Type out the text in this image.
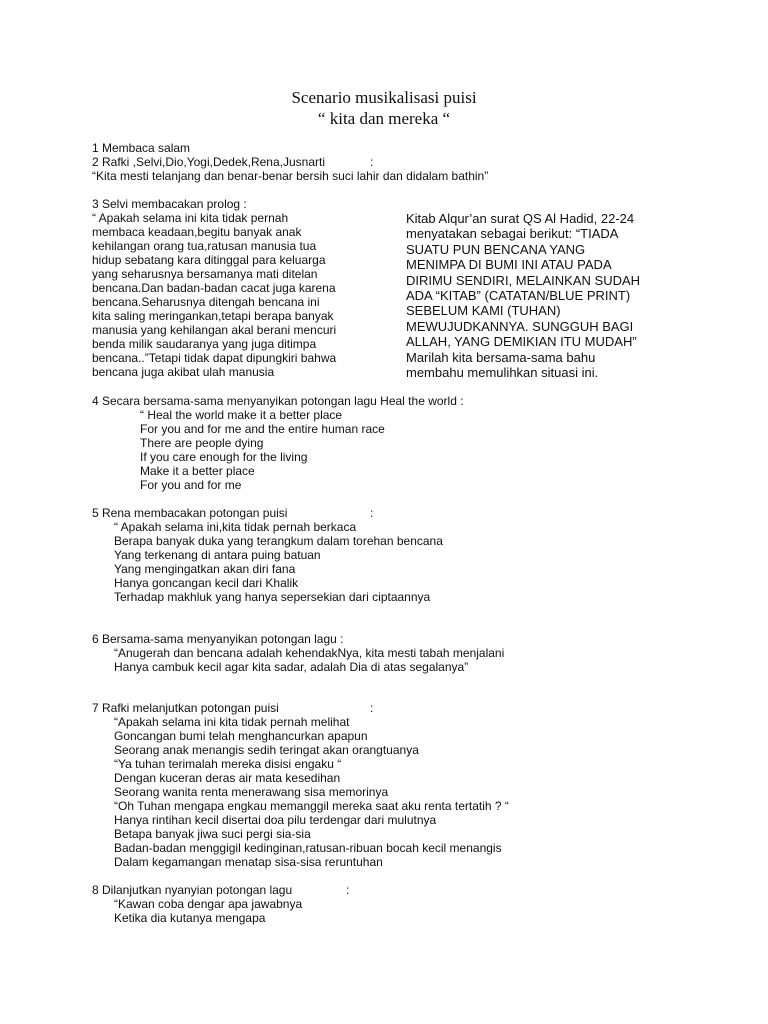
Scenario musikalisasi puisi
“ kita dan mereka “
1 Membaca salam
2 Rafki ,Selvi,Dio,Yogi,Dedek,Rena,Jusnarti	:
“Kita mesti telanjang dan benar-benar bersih suci lahir dan didalam bathin”
3 Selvi membacakan prolog :
“ Apakah selama ini kita tidak pernah
membaca keadaan,begitu banyak anak
kehilangan orang tua,ratusan manusia tua
hidup sebatang kara ditinggal para keluarga
yang seharusnya bersamanya mati ditelan
bencana.Dan badan-badan cacat juga karena
bencana.Seharusnya ditengah bencana ini
kita saling meringankan,tetapi berapa banyak
manusia yang kehilangan akal berani mencuri
benda milik saudaranya yang juga ditimpa
bencana..”Tetapi tidak dapat dipungkiri bahwa
bencana juga akibat ulah manusia
Kitab Alqur’an surat QS Al Hadid, 22-24
menyatakan sebagai berikut: “TIADA
SUATU PUN BENCANA YANG
MENIMPA DI BUMI INI ATAU PADA
DIRIMU SENDIRI, MELAINKAN SUDAH
ADA “KITAB” (CATATAN/BLUE PRINT)
SEBELUM KAMI (TUHAN)
MEWUJUDKANNYA. SUNGGUH BAGI
ALLAH, YANG DEMIKIAN ITU MUDAH”
Marilah kita bersama-sama bahu
membahu memulihkan situasi ini.
4 Secara bersama-sama menyanyikan potongan lagu Heal the world :
“ Heal the world make it a better place
For you and for me and the entire human race
There are people dying
If you care enough for the living
Make it a better place
For you and for me
5 Rena membacakan potongan puisi	:
“ Apakah selama ini,kita tidak pernah berkaca
Berapa banyak duka yang terangkum dalam torehan bencana
Yang terkenang di antara puing batuan
Yang mengingatkan akan diri fana
Hanya goncangan kecil dari Khalik
Terhadap makhluk yang hanya sepersekian dari ciptaannya
6 Bersama-sama menyanyikan potongan lagu :
“Anugerah dan bencana adalah kehendakNya, kita mesti tabah menjalani
Hanya cambuk kecil agar kita sadar, adalah Dia di atas segalanya”
7 Rafki melanjutkan potongan puisi	:
“Apakah selama ini kita tidak pernah melihat
Goncangan bumi telah menghancurkan apapun
Seorang anak menangis sedih teringat akan orangtuanya
“Ya tuhan terimalah mereka disisi engaku “
Dengan kuceran deras air mata kesedihan
Seorang wanita renta menerawang sisa memorinya
“Oh Tuhan mengapa engkau memanggil mereka saat aku renta tertatih ? “
Hanya rintihan kecil disertai doa pilu terdengar dari mulutnya
Betapa banyak jiwa suci pergi sia-sia
Badan-badan menggigil kedinginan,ratusan-ribuan bocah kecil menangis
Dalam kegamangan menatap sisa-sisa reruntuhan
8 Dilanjutkan nyanyian potongan lagu	:
“Kawan coba dengar apa jawabnya
Ketika dia kutanya mengapa
